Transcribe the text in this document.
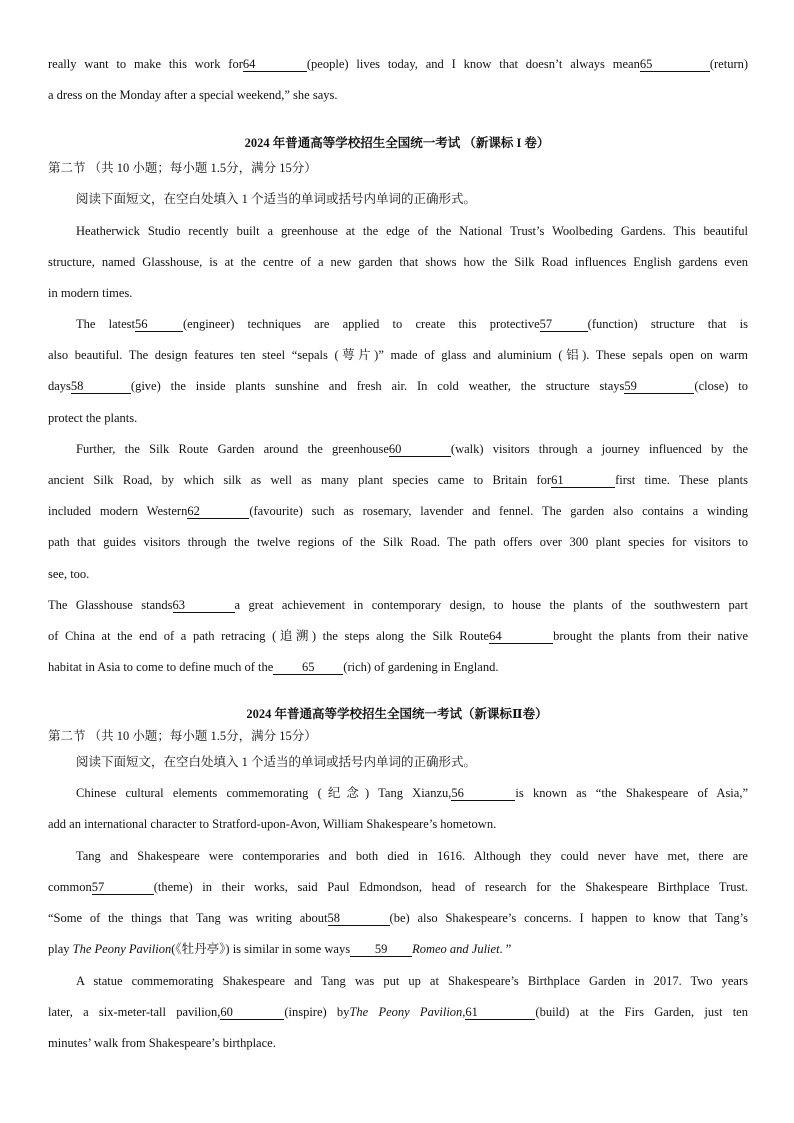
really want to make this work for64	(people) lives today, and I know that doesn’t always mean65	(return)
a dress on the Monday after a special weekend,” she says.
2024 年普通高等学校招生全国统一考试 （新课标 I 卷）
第二节 （共 10 小题；每小题 1.5分，满分 15分）
阅读下面短文，在空白处填入 1 个适当的单词或括号内单词的正确形式。
Heatherwick Studio recently built a greenhouse at the edge of the National Trust’s Woolbeding Gardens. This beautiful
structure, named Glasshouse, is at the centre of a new garden that shows how the Silk Road influences English gardens even
in modern times.
The latest56	(engineer) techniques are applied to create this protective57	(function) structure that is
also beautiful. The design features ten steel “sepals (萼片)” made of glass and aluminium (铝). These sepals open on warm
days58	(give) the inside plants sunshine and fresh air. In cold weather, the structure stays59	(close) to
protect the plants.
Further, the Silk Route Garden around the greenhouse60	(walk) visitors through a journey influenced by the
ancient Silk Road, by which silk as well as many plant species came to Britain for61	first time. These plants
included modern Western62	(favourite) such as rosemary, lavender and fennel. The garden also contains a winding
path that guides visitors through the twelve regions of the Silk Road. The path offers over 300 plant species for visitors to
see, too.
The Glasshouse stands63	a great achievement in contemporary design, to house the plants of the southwestern part
of China at the end of a path retracing (追溯) the steps along the Silk Route64	brought the plants from their native
habitat in Asia to come to define much of the 65 (rich) of gardening in England.
2024 年普通高等学校招生全国统一考试（新课标Ⅱ卷）
第二节 （共 10 小题；每小题 1.5分，满分 15分）
阅读下面短文，在空白处填入 1 个适当的单词或括号内单词的正确形式。
Chinese cultural elements commemorating (纪念) Tang Xianzu,56	is known as “the Shakespeare of Asia,”
add an international character to Stratford-upon-Avon, William Shakespeare’s hometown.
Tang and Shakespeare were contemporaries and both died in 1616. Although they could never have met, there are
common57	(theme) in their works, said Paul Edmondson, head of research for the Shakespeare Birthplace Trust.
“Some of the things that Tang was writing about58	(be) also Shakespeare’s concerns. I happen to know that Tang’s
play The Peony Pavilion(《牡丹亭》) is similar in some ways 59 Romeo and Juliet. ”
A statue commemorating Shakespeare and Tang was put up at Shakespeare’s Birthplace Garden in 2017. Two years
later, a six-meter-tall pavilion,60	(inspire) byThe Peony Pavilion,61	(build) at the Firs Garden, just ten
minutes’ walk from Shakespeare’s birthplace.
